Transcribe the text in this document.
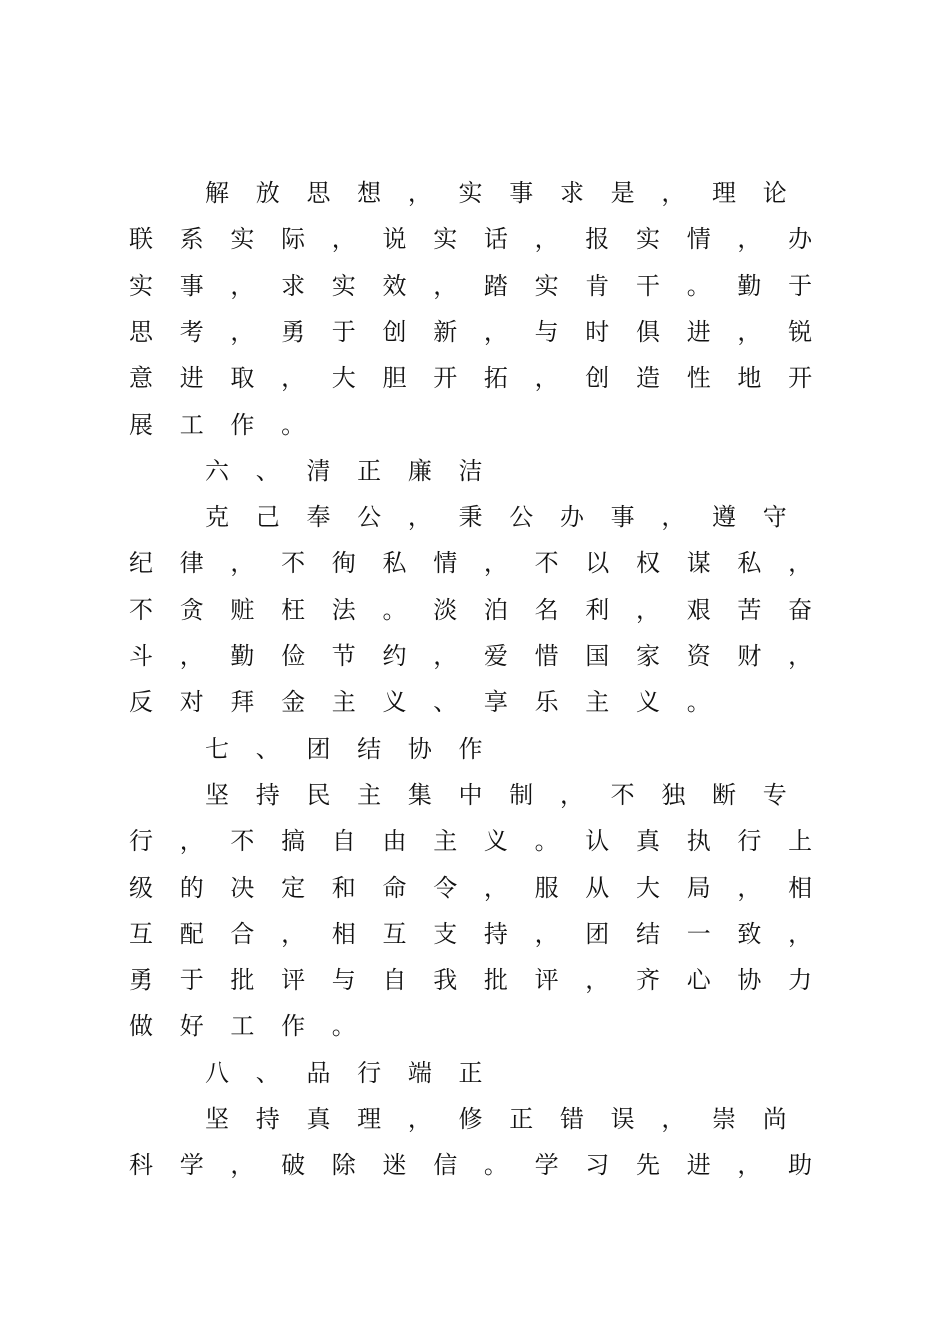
解 放 思 想 ， 实 事 求 是 ， 理 论
联 系 实 际 ， 说 实 话 ， 报 实 情 ， 办
实 事 ， 求 实 效 ， 踏 实 肯 干 。 勤 于
思 考 ， 勇 于 创 新 ， 与 时 俱 进 ， 锐
意 进 取 ， 大 胆 开 拓 ， 创 造 性 地 开
展 工 作 。
六 、 清 正 廉 洁
克 己 奉 公 ， 秉 公 办 事 ， 遵 守
纪 律 ， 不 徇 私 情 ， 不 以 权 谋 私 ，
不 贪 赃 枉 法 。 淡 泊 名 利 ， 艰 苦 奋
斗 ， 勤 俭 节 约 ， 爱 惜 国 家 资 财 ，
反 对 拜 金 主 义 、 享 乐 主 义 。
七 、 团 结 协 作
坚 持 民 主 集 中 制 ， 不 独 断 专
行 ， 不 搞 自 由 主 义 。 认 真 执 行 上
级 的 决 定 和 命 令 ， 服 从 大 局 ， 相
互 配 合 ， 相 互 支 持 ， 团 结 一 致 ，
勇 于 批 评 与 自 我 批 评 ， 齐 心 协 力
做 好 工 作 。
八 、 品 行 端 正
坚 持 真 理 ， 修 正 错 误 ， 崇 尚
科 学 ， 破 除 迷 信 。 学 习 先 进 ， 助
